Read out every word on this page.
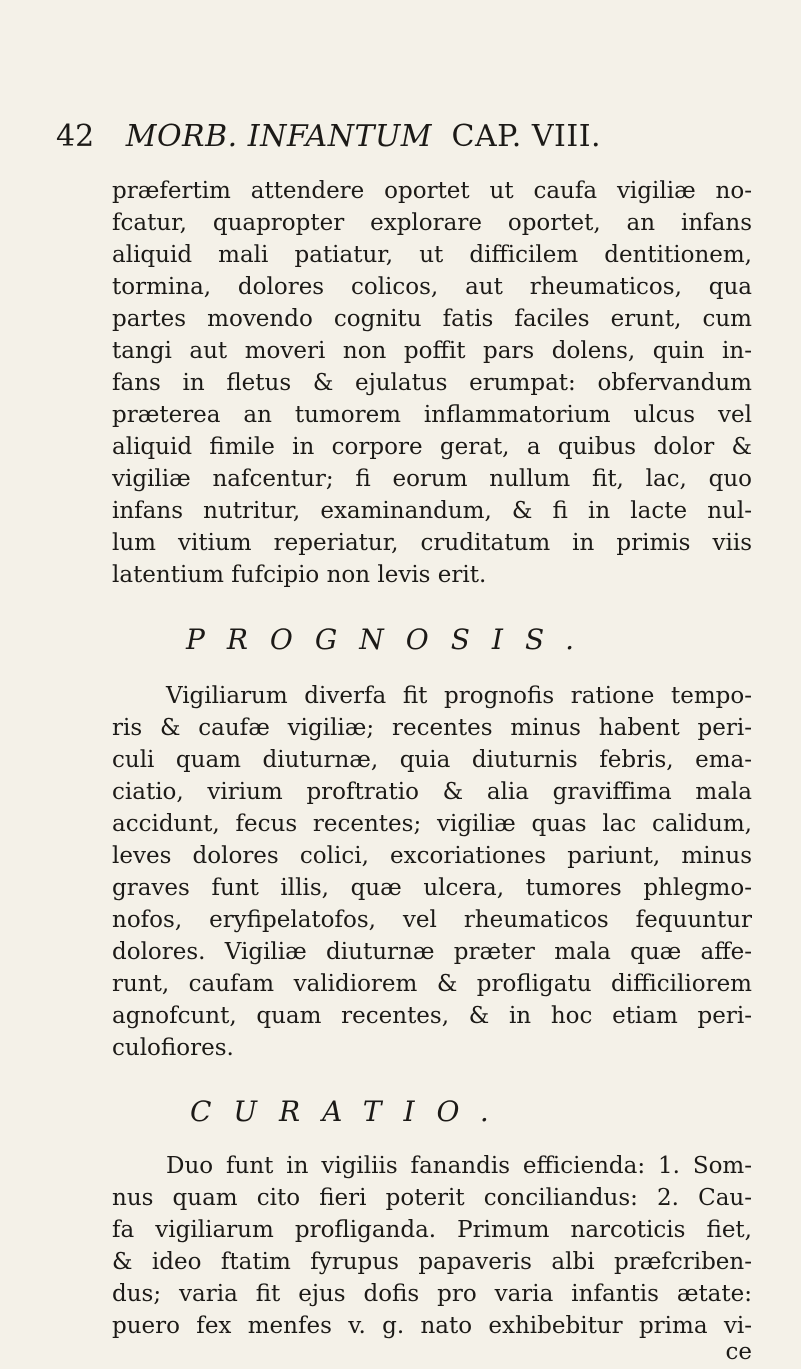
42 MORB. INFANTUM CAP. VIII.
præfertim attendere oportet ut caufa vigiliæ no-
fcatur, quapropter explorare oportet, an infans
aliquid mali patiatur, ut difficilem dentitionem,
tormina, dolores colicos, aut rheumaticos, qua
partes movendo cognitu fatis faciles erunt, cum
tangi aut moveri non poffit pars dolens, quin in-
fans in fletus & ejulatus erumpat: obfervandum
præterea an tumorem inflammatorium ulcus vel
aliquid fimile in corpore gerat, a quibus dolor &
vigiliæ nafcentur; fi eorum nullum fit, lac, quo
infans nutritur, examinandum, & fi in lacte nul-
lum vitium reperiatur, cruditatum in primis viis
latentium fufcipio non levis erit.
PROGNOSIS.
Vigiliarum diverfa fit prognofis ratione tempo-
ris & caufæ vigiliæ; recentes minus habent peri-
culi quam diuturnæ, quia diuturnis febris, ema-
ciatio, virium proftratio & alia graviffima mala
accidunt, fecus recentes; vigiliæ quas lac calidum,
leves dolores colici, excoriationes pariunt, minus
graves funt illis, quæ ulcera, tumores phlegmo-
nofos, eryfipelatofos, vel rheumaticos fequuntur
dolores. Vigiliæ diuturnæ præter mala quæ affe-
runt, caufam validiorem & profligatu difficiliorem
agnofcunt, quam recentes, & in hoc etiam peri-
culofiores.
CURATIO.
Duo funt in vigiliis fanandis efficienda: 1. Som-
nus quam cito fieri poterit conciliandus: 2. Cau-
fa vigiliarum profliganda. Primum narcoticis fiet,
& ideo ftatim fyrupus papaveris albi præfcriben-
dus; varia fit ejus dofis pro varia infantis ætate:
puero fex menfes v. g. nato exhibebitur prima vi-
ce
